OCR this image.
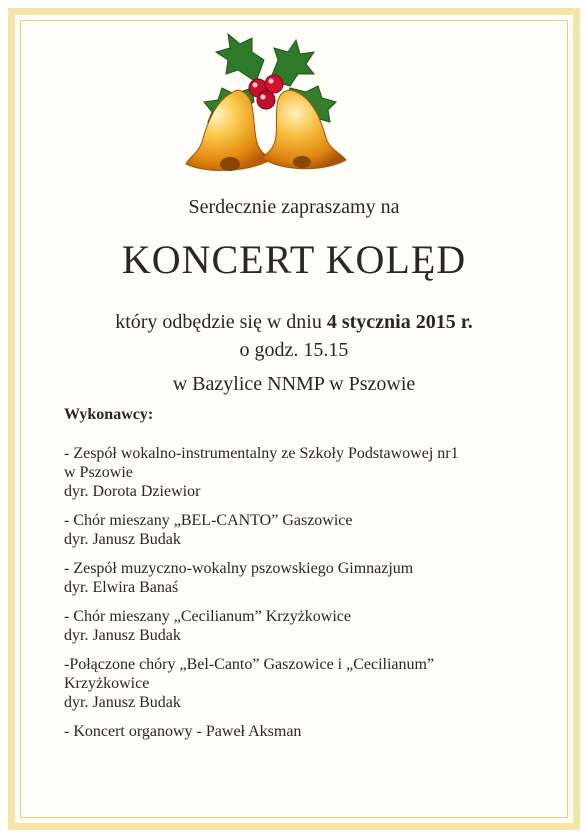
Serdecznie zapraszamy na
KONCERT KOLĘD
który odbędzie się w dniu 4 stycznia 2015 r.
o godz. 15.15
w Bazylice NNMP w Pszowie
Wykonawcy:
- Zespół wokalno-instrumentalny ze Szkoły Podstawowej nr1
w Pszowie
dyr. Dorota Dziewior
- Chór mieszany „BEL-CANTO” Gaszowice
dyr. Janusz Budak
- Zespół muzyczno-wokalny pszowskiego Gimnazjum
dyr. Elwira Banaś
- Chór mieszany „Cecilianum” Krzyżkowice
dyr. Janusz Budak
-Połączone chóry „Bel-Canto” Gaszowice i „Cecilianum”
Krzyżkowice
dyr. Janusz Budak
- Koncert organowy - Paweł Aksman
